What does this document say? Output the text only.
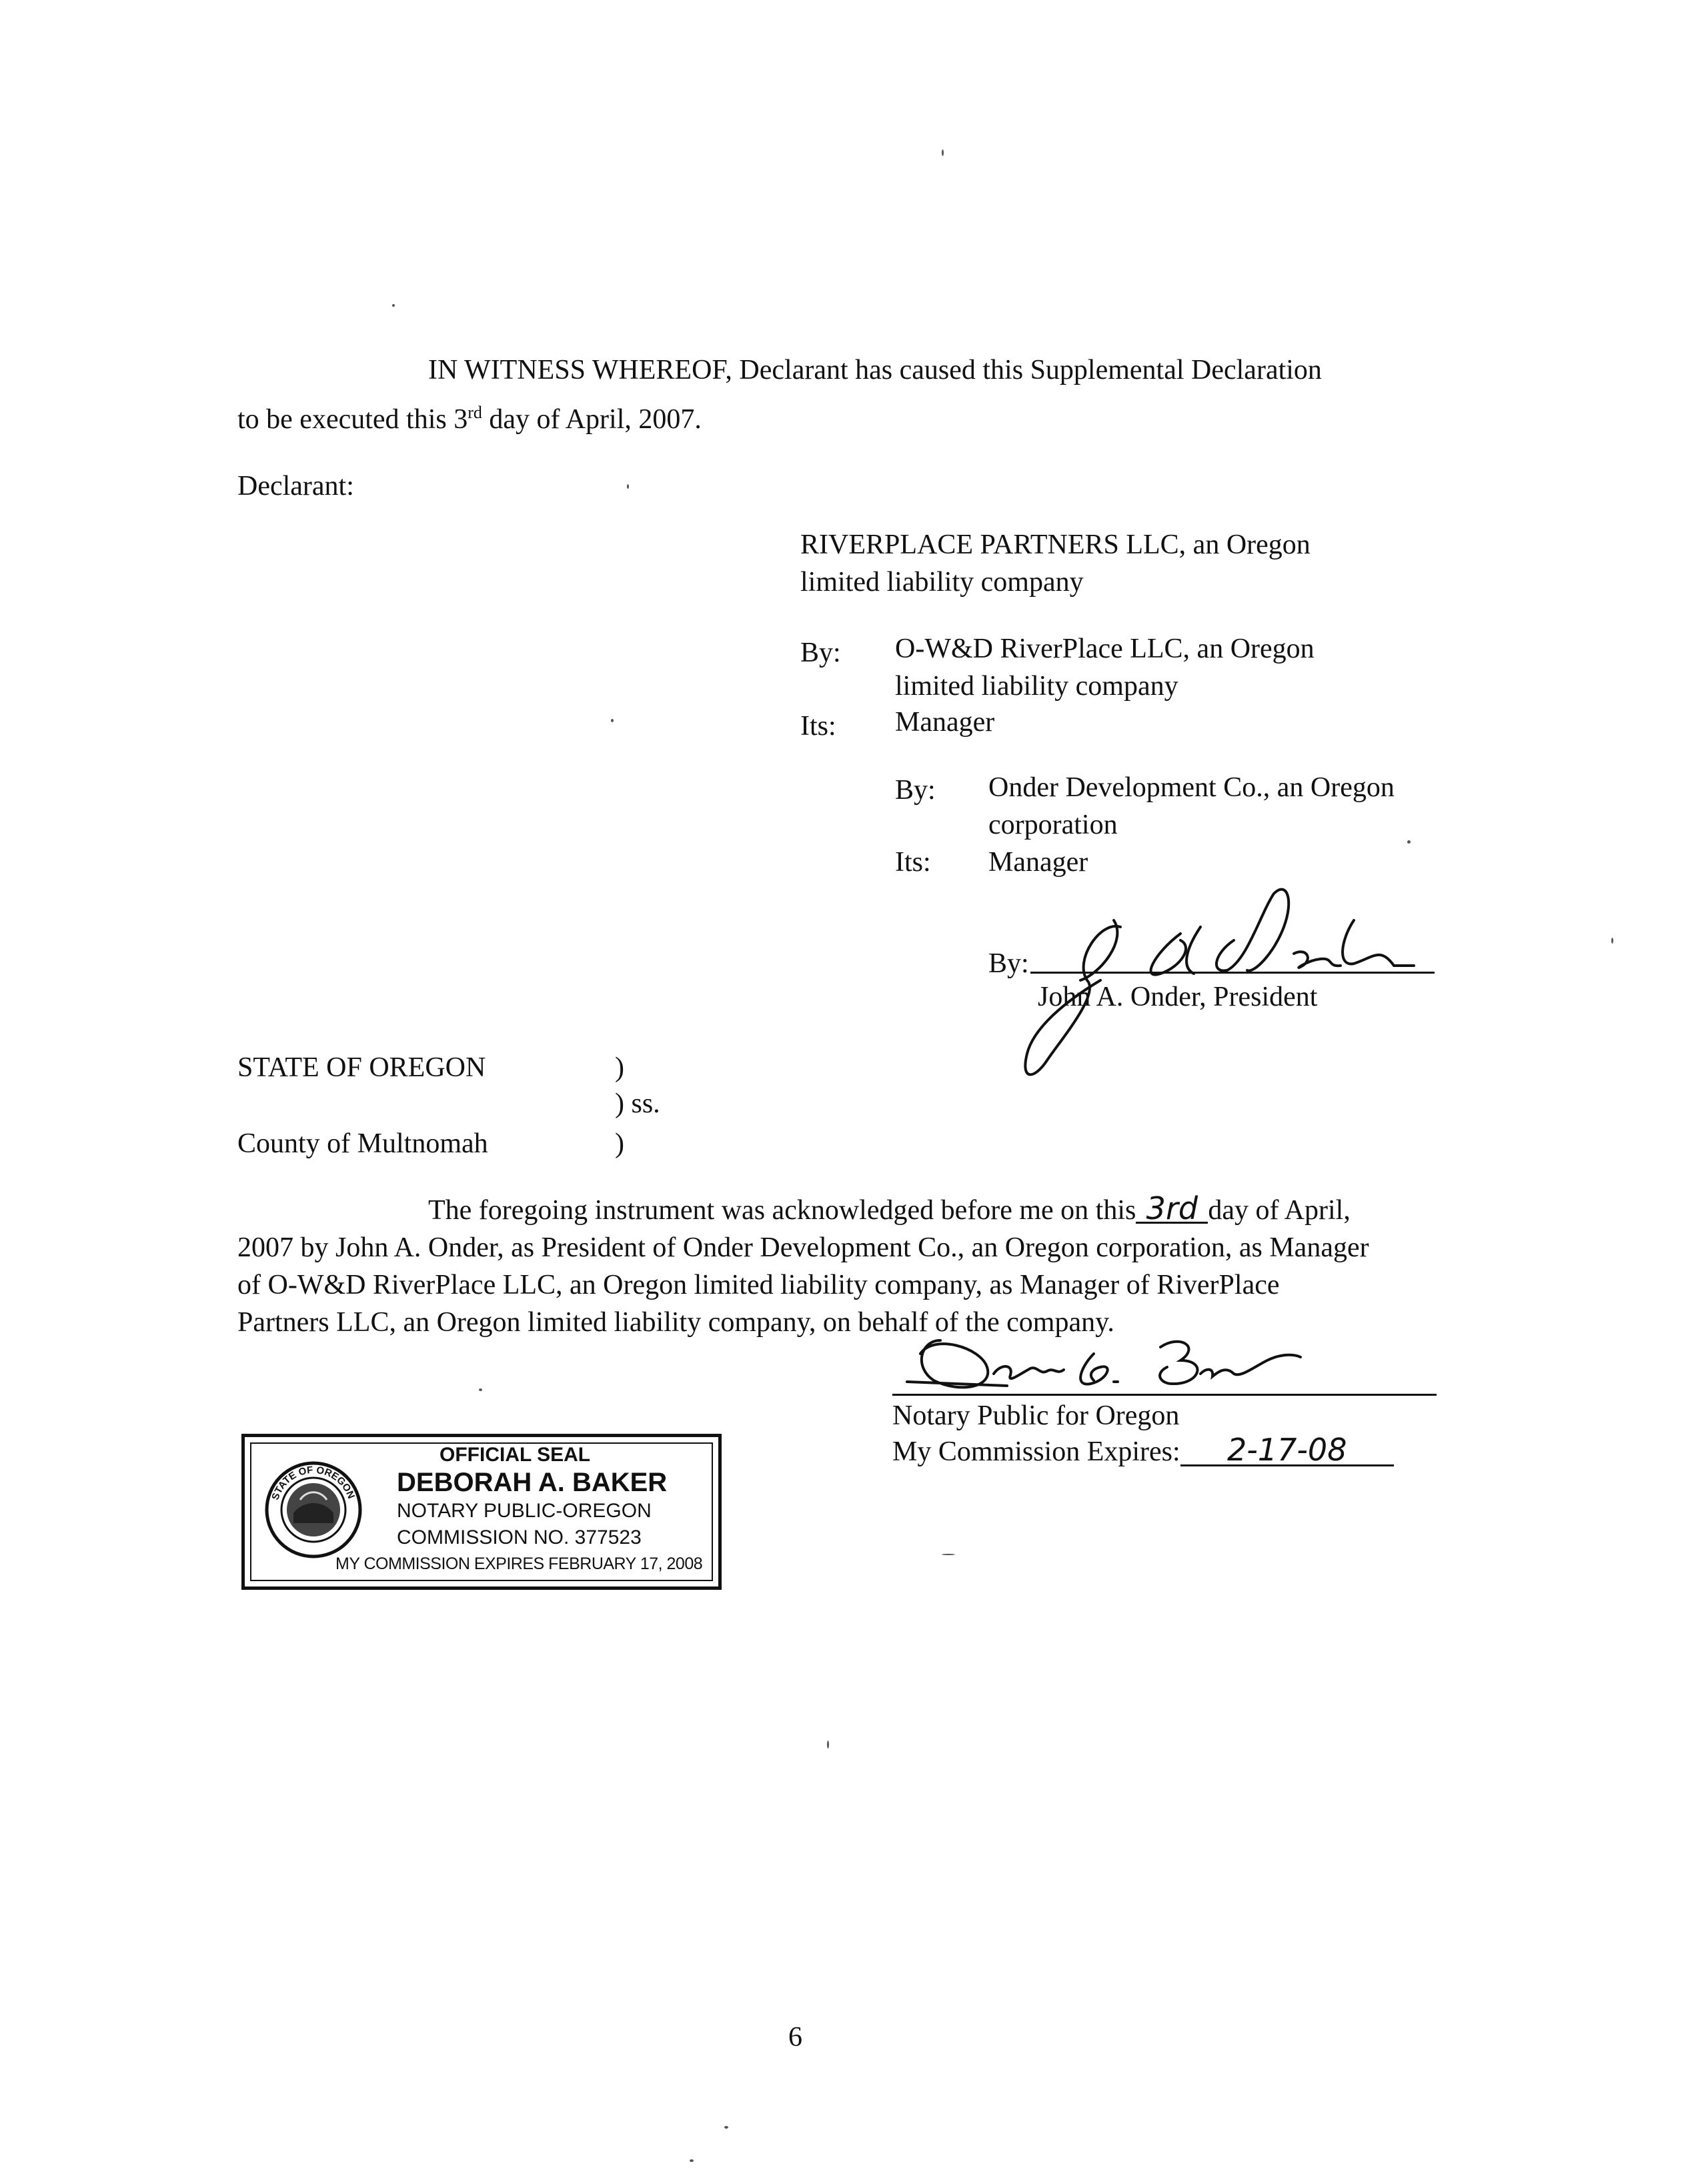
IN WITNESS WHEREOF, Declarant has caused this Supplemental Declaration
to be executed this 3rd day of April, 2007.
Declarant:
RIVERPLACE PARTNERS LLC, an Oregon
limited liability company
By: O-W&D RiverPlace LLC, an Oregon
limited liability company
Its: Manager
By: Onder Development Co., an Oregon
corporation
Its: Manager
By:
John A. Onder, President
STATE OF OREGON	)
) ss.
County of Multnomah	)
The foregoing instrument was acknowledged before me on this 3rd day of April,
2007 by John A. Onder, as President of Onder Development Co., an Oregon corporation, as Manager
of O-W&D RiverPlace LLC, an Oregon limited liability company, as Manager of RiverPlace
Partners LLC, an Oregon limited liability company, on behalf of the company.
Notary Public for Oregon
My Commission Expires: 2-17-08
STATE OF OREGON
OFFICIAL SEAL
DEBORAH A. BAKER
NOTARY PUBLIC-OREGON
COMMISSION NO. 377523
MY COMMISSION EXPIRES FEBRUARY 17, 2008
6
